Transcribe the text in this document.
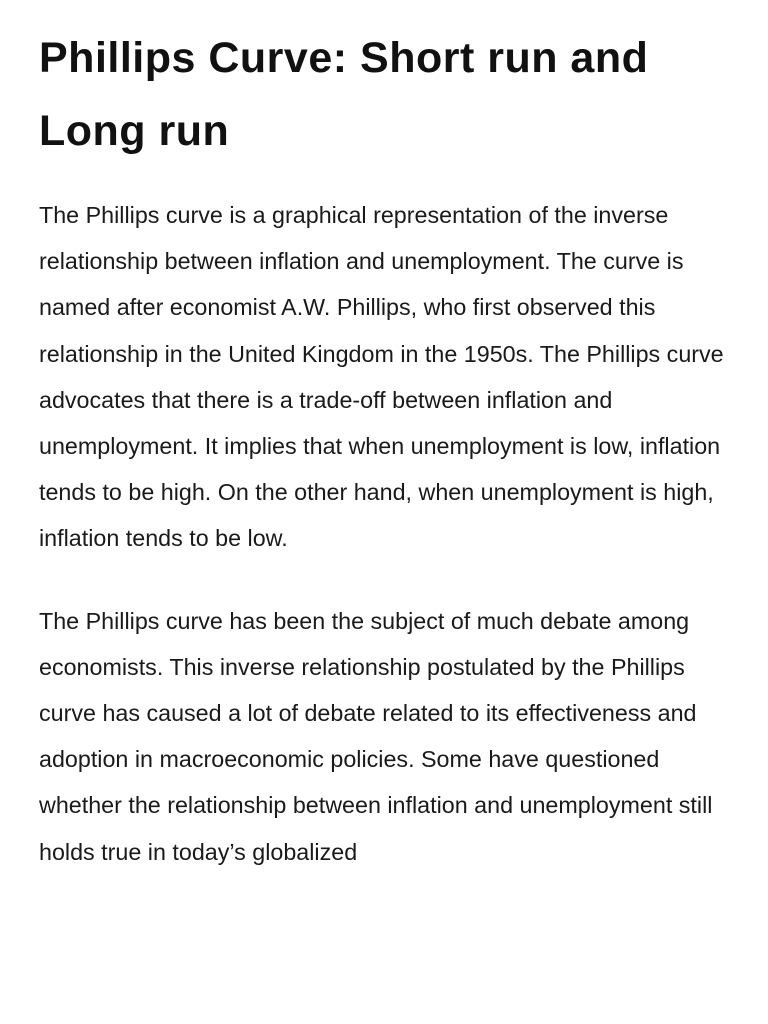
Phillips Curve: Short run and Long run

The Phillips curve is a graphical representation of the inverse relationship between inflation and unemployment. The curve is named after economist A.W. Phillips, who first observed this relationship in the United Kingdom in the 1950s. The Phillips curve advocates that there is a trade-off between inflation and unemployment. It implies that when unemployment is low, inflation tends to be high. On the other hand, when unemployment is high, inflation tends to be low.

The Phillips curve has been the subject of much debate among economists. This inverse relationship postulated by the Phillips curve has caused a lot of debate related to its effectiveness and adoption in macroeconomic policies. Some have questioned whether the relationship between inflation and unemployment still holds true in today’s globalized
